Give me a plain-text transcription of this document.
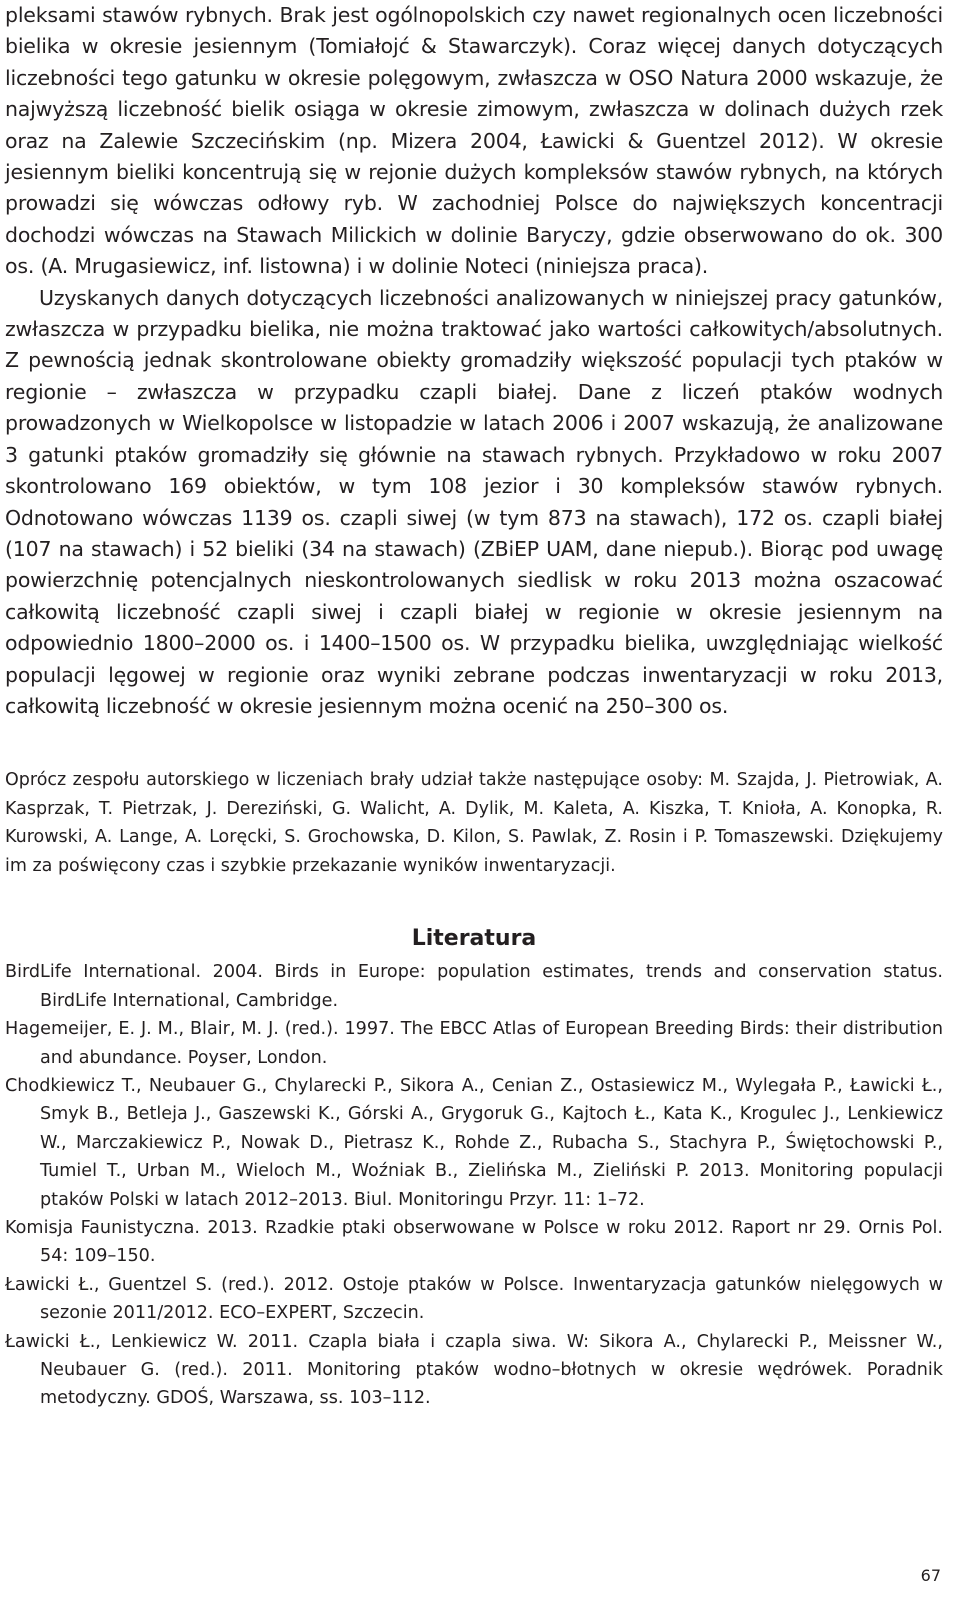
pleksami stawów rybnych. Brak jest ogólnopolskich czy nawet regionalnych ocen liczebności bielika w okresie jesiennym (Tomiałojć & Stawarczyk). Coraz więcej danych dotyczących liczebności tego gatunku w okresie polęgowym, zwłaszcza w OSO Natura 2000 wskazuje, że najwyższą liczebność bielik osiąga w okresie zimowym, zwłaszcza w dolinach dużych rzek oraz na Zalewie Szczecińskim (np. Mizera 2004, Ławicki & Guentzel 2012). W okresie jesiennym bieliki koncentrują się w rejonie dużych kompleksów stawów rybnych, na których prowadzi się wówczas odłowy ryb. W zachodniej Polsce do największych koncentracji dochodzi wówczas na Stawach Milickich w dolinie Baryczy, gdzie obserwowano do ok. 300 os. (A. Mrugasiewicz, inf. listowna) i w dolinie Noteci (niniejsza praca).

Uzyskanych danych dotyczących liczebności analizowanych w niniejszej pracy gatunków, zwłaszcza w przypadku bielika, nie można traktować jako wartości całkowitych/absolutnych. Z pewnością jednak skontrolowane obiekty gromadziły większość populacji tych ptaków w regionie – zwłaszcza w przypadku czapli białej. Dane z liczeń ptaków wodnych prowadzonych w Wielkopolsce w listopadzie w latach 2006 i 2007 wskazują, że analizowane 3 gatunki ptaków gromadziły się głównie na stawach rybnych. Przykładowo w roku 2007 skontrolowano 169 obiektów, w tym 108 jezior i 30 kompleksów stawów rybnych. Odnotowano wówczas 1139 os. czapli siwej (w tym 873 na stawach), 172 os. czapli białej (107 na stawach) i 52 bieliki (34 na stawach) (ZBiEP UAM, dane niepub.). Biorąc pod uwagę powierzchnię potencjalnych nieskontrolowanych siedlisk w roku 2013 można oszacować całkowitą liczebność czapli siwej i czapli białej w regionie w okresie jesiennym na odpowiednio 1800–2000 os. i 1400–1500 os. W przypadku bielika, uwzględniając wielkość populacji lęgowej w regionie oraz wyniki zebrane podczas inwentaryzacji w roku 2013, całkowitą liczebność w okresie jesiennym można ocenić na 250–300 os.

Oprócz zespołu autorskiego w liczeniach brały udział także następujące osoby: M. Szajda, J. Pietrowiak, A. Kasprzak, T. Pietrzak, J. Dereziński, G. Walicht, A. Dylik, M. Kaleta, A. Kiszka, T. Knioła, A. Konopka, R. Kurowski, A. Lange, A. Loręcki, S. Grochowska, D. Kilon, S. Pawlak, Z. Rosin i P. Tomaszewski. Dziękujemy im za poświęcony czas i szybkie przekazanie wyników inwentaryzacji.

Literatura

BirdLife International. 2004. Birds in Europe: population estimates, trends and conservation status. BirdLife International, Cambridge.

Hagemeijer, E. J. M., Blair, M. J. (red.). 1997. The EBCC Atlas of European Breeding Birds: their distribution and abundance. Poyser, London.

Chodkiewicz T., Neubauer G., Chylarecki P., Sikora A., Cenian Z., Ostasiewicz M., Wylegała P., Ławicki Ł., Smyk B., Betleja J., Gaszewski K., Górski A., Grygoruk G., Kajtoch Ł., Kata K., Krogulec J., Lenkiewicz W., Marczakiewicz P., Nowak D., Pietrasz K., Rohde Z., Rubacha S., Stachyra P., Świętochowski P., Tumiel T., Urban M., Wieloch M., Woźniak B., Zielińska M., Zieliński P. 2013. Monitoring populacji ptaków Polski w latach 2012–2013. Biul. Monitoringu Przyr. 11: 1–72.

Komisja Faunistyczna. 2013. Rzadkie ptaki obserwowane w Polsce w roku 2012. Raport nr 29. Ornis Pol. 54: 109–150.

Ławicki Ł., Guentzel S. (red.). 2012. Ostoje ptaków w Polsce. Inwentaryzacja gatunków nielęgowych w sezonie 2011/2012. ECO–EXPERT, Szczecin.

Ławicki Ł., Lenkiewicz W. 2011. Czapla biała i czapla siwa. W: Sikora A., Chylarecki P., Meissner W., Neubauer G. (red.). 2011. Monitoring ptaków wodno–błotnych w okresie wędrówek. Poradnik metodyczny. GDOŚ, Warszawa, ss. 103–112.

67
